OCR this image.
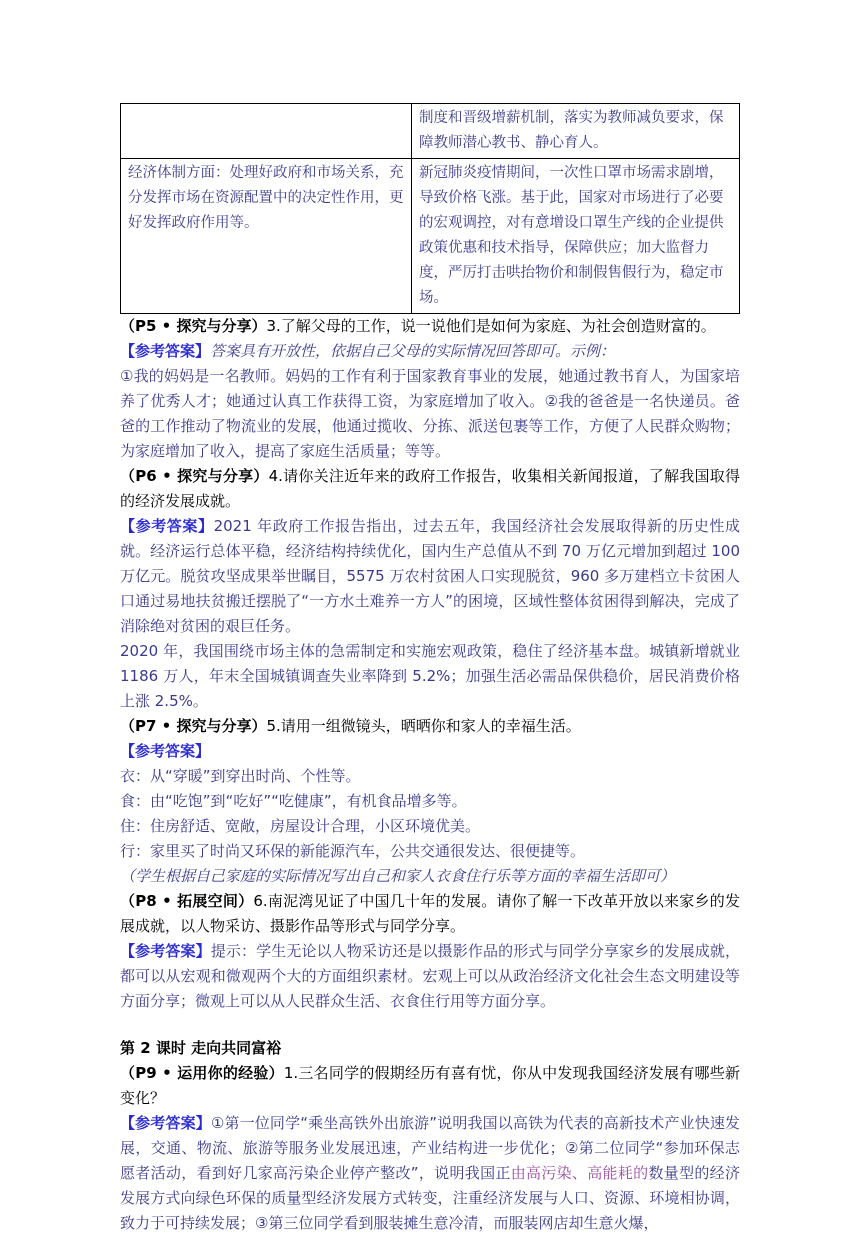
	制度和晋级增薪机制，落实为教师减负要求，保障教师潜心教书、静心育人。
经济体制方面：处理好政府和市场关系，充分发挥市场在资源配置中的决定性作用，更好发挥政府作用等。	新冠肺炎疫情期间，一次性口罩市场需求剧增，导致价格飞涨。基于此，国家对市场进行了必要的宏观调控，对有意增设口罩生产线的企业提供政策优惠和技术指导，保障供应；加大监督力度，严厉打击哄抬物价和制假售假行为，稳定市场。

（P5 • 探究与分享）3.了解父母的工作，说一说他们是如何为家庭、为社会创造财富的。

【参考答案】答案具有开放性，依据自己父母的实际情况回答即可。示例：

①我的妈妈是一名教师。妈妈的工作有利于国家教育事业的发展，她通过教书育人，为国家培养了优秀人才；她通过认真工作获得工资，为家庭增加了收入。②我的爸爸是一名快递员。爸爸的工作推动了物流业的发展，他通过揽收、分拣、派送包裹等工作，方便了人民群众购物；为家庭增加了收入，提高了家庭生活质量；等等。

（P6 • 探究与分享）4.请你关注近年来的政府工作报告，收集相关新闻报道，了解我国取得的经济发展成就。

【参考答案】2021 年政府工作报告指出，过去五年，我国经济社会发展取得新的历史性成就。经济运行总体平稳，经济结构持续优化，国内生产总值从不到 70 万亿元增加到超过 100 万亿元。脱贫攻坚成果举世瞩目，5575 万农村贫困人口实现脱贫，960 多万建档立卡贫困人口通过易地扶贫搬迁摆脱了“一方水土难养一方人”的困境，区域性整体贫困得到解决，完成了消除绝对贫困的艰巨任务。

2020 年，我国围绕市场主体的急需制定和实施宏观政策，稳住了经济基本盘。城镇新增就业 1186 万人，年末全国城镇调查失业率降到 5.2%；加强生活必需品保供稳价，居民消费价格上涨 2.5%。

（P7 • 探究与分享）5.请用一组微镜头，晒晒你和家人的幸福生活。

【参考答案】

衣：从“穿暖”到穿出时尚、个性等。

食：由“吃饱”到“吃好”“吃健康”，有机食品增多等。

住：住房舒适、宽敞，房屋设计合理，小区环境优美。

行：家里买了时尚又环保的新能源汽车，公共交通很发达、很便捷等。

（学生根据自己家庭的实际情况写出自己和家人衣食住行乐等方面的幸福生活即可）

（P8 • 拓展空间）6.南泥湾见证了中国几十年的发展。请你了解一下改革开放以来家乡的发展成就，以人物采访、摄影作品等形式与同学分享。

【参考答案】提示：学生无论以人物采访还是以摄影作品的形式与同学分享家乡的发展成就，都可以从宏观和微观两个大的方面组织素材。宏观上可以从政治经济文化社会生态文明建设等方面分享；微观上可以从人民群众生活、衣食住行用等方面分享。

第 2 课时 走向共同富裕

（P9 • 运用你的经验）1.三名同学的假期经历有喜有忧，你从中发现我国经济发展有哪些新变化？

【参考答案】①第一位同学“乘坐高铁外出旅游”说明我国以高铁为代表的高新技术产业快速发展，交通、物流、旅游等服务业发展迅速，产业结构进一步优化；②第二位同学“参加环保志愿者活动，看到好几家高污染企业停产整改”，说明我国正由高污染、高能耗的数量型的经济发展方式向绿色环保的质量型经济发展方式转变，注重经济发展与人口、资源、环境相协调，致力于可持续发展；③第三位同学看到服装摊生意冷清，而服装网店却生意火爆，
